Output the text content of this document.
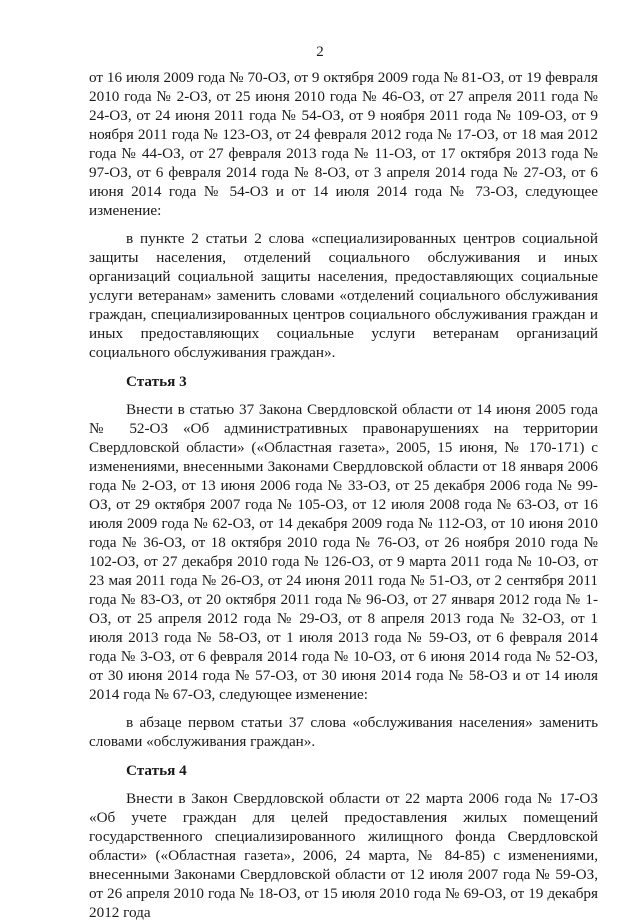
2

от 16 июля 2009 года № 70-ОЗ, от 9 октября 2009 года № 81-ОЗ, от 19 февраля 2010 года № 2-ОЗ, от 25 июня 2010 года № 46-ОЗ, от 27 апреля 2011 года № 24-ОЗ, от 24 июня 2011 года № 54-ОЗ, от 9 ноября 2011 года № 109-ОЗ, от 9 ноября 2011 года № 123-ОЗ, от 24 февраля 2012 года № 17-ОЗ, от 18 мая 2012 года № 44-ОЗ, от 27 февраля 2013 года № 11-ОЗ, от 17 октября 2013 года № 97-ОЗ, от 6 февраля 2014 года № 8-ОЗ, от 3 апреля 2014 года № 27-ОЗ, от 6 июня 2014 года № 54-ОЗ и от 14 июля 2014 года № 73-ОЗ, следующее изменение:

в пункте 2 статьи 2 слова «специализированных центров социальной защиты населения, отделений социального обслуживания и иных организаций социальной защиты населения, предоставляющих социальные услуги ветеранам» заменить словами «отделений социального обслуживания граждан, специализированных центров социального обслуживания граждан и иных предоставляющих социальные услуги ветеранам организаций социального обслуживания граждан».

Статья 3

Внести в статью 37 Закона Свердловской области от 14 июня 2005 года № 52-ОЗ «Об административных правонарушениях на территории Свердловской области» («Областная газета», 2005, 15 июня, № 170-171) с изменениями, внесенными Законами Свердловской области от 18 января 2006 года № 2-ОЗ, от 13 июня 2006 года № 33-ОЗ, от 25 декабря 2006 года № 99-ОЗ, от 29 октября 2007 года № 105-ОЗ, от 12 июля 2008 года № 63-ОЗ, от 16 июля 2009 года № 62-ОЗ, от 14 декабря 2009 года № 112-ОЗ, от 10 июня 2010 года № 36-ОЗ, от 18 октября 2010 года № 76-ОЗ, от 26 ноября 2010 года № 102-ОЗ, от 27 декабря 2010 года № 126-ОЗ, от 9 марта 2011 года № 10-ОЗ, от 23 мая 2011 года № 26-ОЗ, от 24 июня 2011 года № 51-ОЗ, от 2 сентября 2011 года № 83-ОЗ, от 20 октября 2011 года № 96-ОЗ, от 27 января 2012 года № 1-ОЗ, от 25 апреля 2012 года № 29-ОЗ, от 8 апреля 2013 года № 32-ОЗ, от 1 июля 2013 года № 58-ОЗ, от 1 июля 2013 года № 59-ОЗ, от 6 февраля 2014 года № 3-ОЗ, от 6 февраля 2014 года № 10-ОЗ, от 6 июня 2014 года № 52-ОЗ, от 30 июня 2014 года № 57-ОЗ, от 30 июня 2014 года № 58-ОЗ и от 14 июля 2014 года № 67-ОЗ, следующее изменение:

в абзаце первом статьи 37 слова «обслуживания населения» заменить словами «обслуживания граждан».

Статья 4

Внести в Закон Свердловской области от 22 марта 2006 года № 17-ОЗ «Об учете граждан для целей предоставления жилых помещений государственного специализированного жилищного фонда Свердловской области» («Областная газета», 2006, 24 марта, № 84-85) с изменениями, внесенными Законами Свердловской области от 12 июля 2007 года № 59-ОЗ, от 26 апреля 2010 года № 18-ОЗ, от 15 июля 2010 года № 69-ОЗ, от 19 декабря 2012 года
